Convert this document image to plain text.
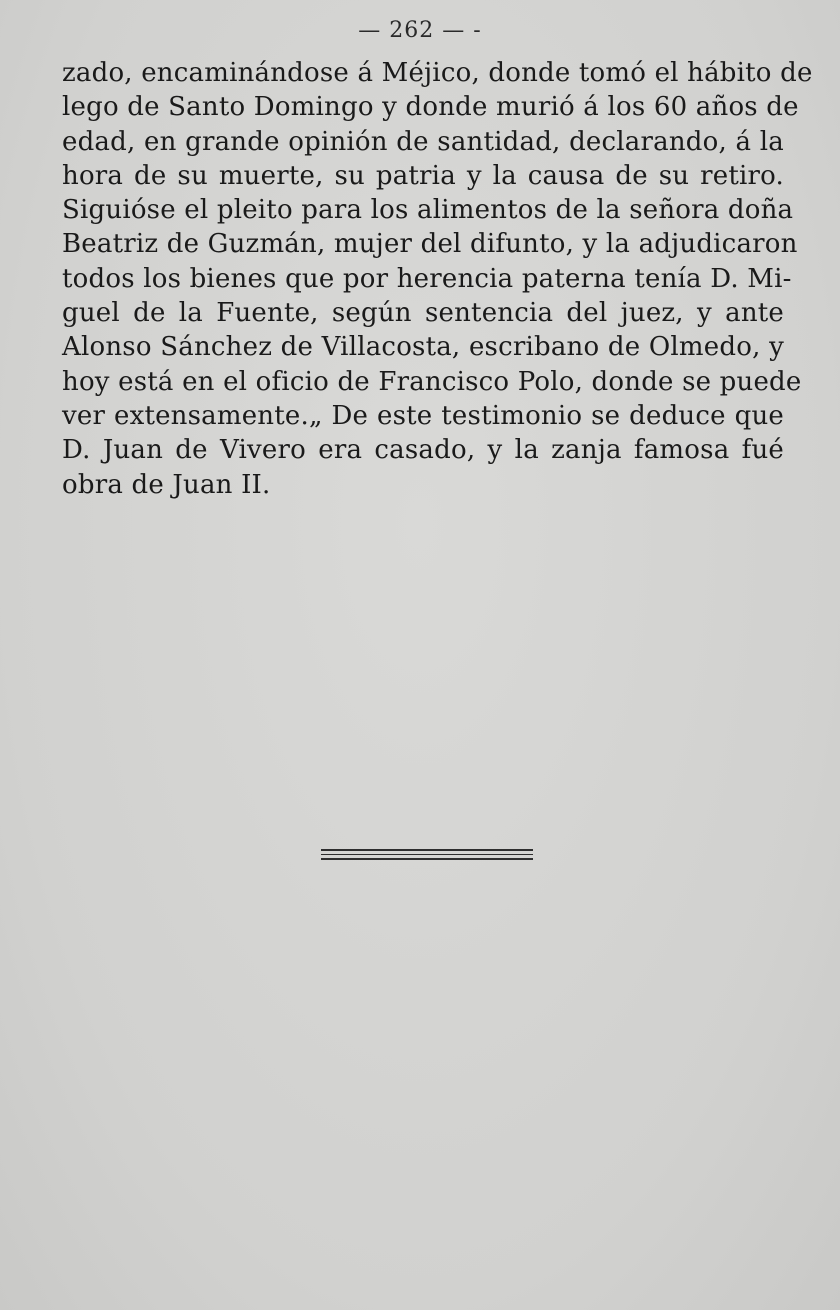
— 262 — -
zado, encaminándose á Méjico, donde tomó el hábito de
lego de Santo Domingo y donde murió á los 60 años de
edad, en grande opinión de santidad, declarando, á la
hora de su muerte, su patria y la causa de su retiro.
Siguióse el pleito para los alimentos de la señora doña
Beatriz de Guzmán, mujer del difunto, y la adjudicaron
todos los bienes que por herencia paterna tenía D. Mi-
guel de la Fuente, según sentencia del juez, y ante
Alonso Sánchez de Villacosta, escribano de Olmedo, y
hoy está en el oficio de Francisco Polo, donde se puede
ver extensamente.„ De este testimonio se deduce que
D. Juan de Vivero era casado, y la zanja famosa fué
obra de Juan II.
